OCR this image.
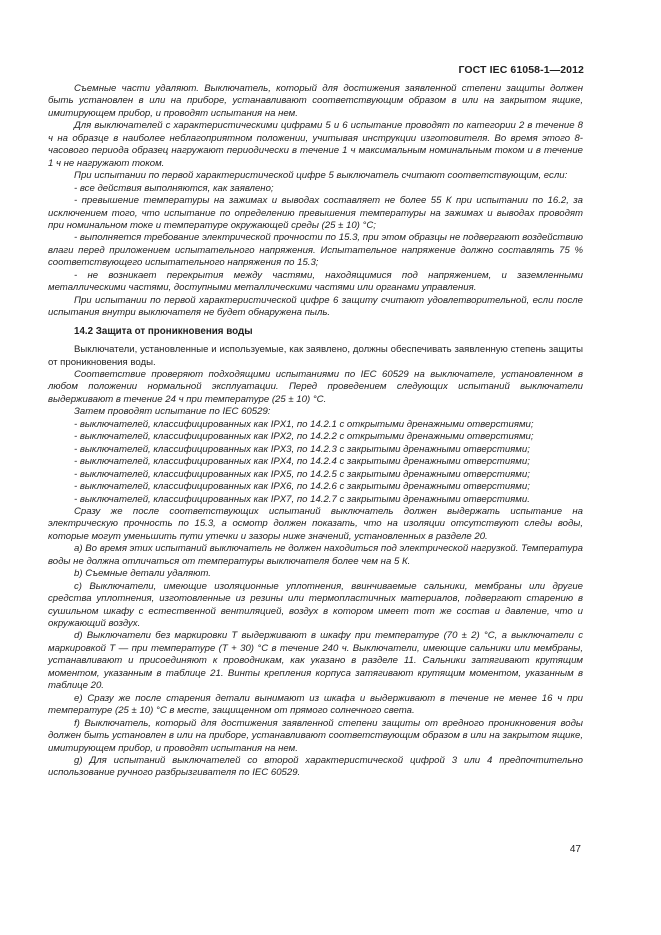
ГОСТ IEC 61058-1—2012

Съемные части удаляют. Выключатель, который для достижения заявленной степени защиты должен быть установлен в или на приборе, устанавливают соответствующим образом в или на закрытом ящике, имитирующем прибор, и проводят испытания на нем.

Для выключателей с характеристическими цифрами 5 и 6 испытание проводят по категории 2 в течение 8 ч на образце в наиболее неблагоприятном положении, учитывая инструкции изготовителя. Во время этого 8-часового периода образец нагружают периодически в течение 1 ч максимальным номинальным током и в течение 1 ч не нагружают током.

При испытании по первой характеристической цифре 5 выключатель считают соответствующим, если:

- все действия выполняются, как заявлено;

- превышение температуры на зажимах и выводах составляет не более 55 К при испытании по 16.2, за исключением того, что испытание по определению превышения температуры на зажимах и выводах проводят при номинальном токе и температуре окружающей среды (25 ± 10) °С;

- выполняется требование электрической прочности по 15.3, при этом образцы не подвергают воздействию влаги перед приложением испытательного напряжения. Испытательное напряжение должно составлять 75 % соответствующего испытательного напряжения по 15.3;

- не возникает перекрытия между частями, находящимися под напряжением, и заземленными металлическими частями, доступными металлическими частями или органами управления.

При испытании по первой характеристической цифре 6 защиту считают удовлетворительной, если после испытания внутри выключателя не будет обнаружена пыль.

14.2 Защита от проникновения воды

Выключатели, установленные и используемые, как заявлено, должны обеспечивать заявленную степень защиты от проникновения воды.

Соответствие проверяют подходящими испытаниями по IEC 60529 на выключателе, установленном в любом положении нормальной эксплуатации. Перед проведением следующих испытаний выключатели выдерживают в течение 24 ч при температуре (25 ± 10) °С.

Затем проводят испытание по IEC 60529:

- выключателей, классифицированных как IPX1, по 14.2.1 с открытыми дренажными отверстиями;

- выключателей, классифицированных как IPX2, по 14.2.2 с открытыми дренажными отверстиями;

- выключателей, классифицированных как IPX3, по 14.2.3 с закрытыми дренажными отверстиями;

- выключателей, классифицированных как IPX4, по 14.2.4 с закрытыми дренажными отверстиями;

- выключателей, классифицированных как IPX5, по 14.2.5 с закрытыми дренажными отверстиями;

- выключателей, классифицированных как IPX6, по 14.2.6 с закрытыми дренажными отверстиями;

- выключателей, классифицированных как IPX7, по 14.2.7 с закрытыми дренажными отверстиями.

Сразу же после соответствующих испытаний выключатель должен выдержать испытание на электрическую прочность по 15.3, а осмотр должен показать, что на изоляции отсутствуют следы воды, которые могут уменьшить пути утечки и зазоры ниже значений, установленных в разделе 20.

a) Во время этих испытаний выключатель не должен находиться под электрической нагрузкой. Температура воды не должна отличаться от температуры выключателя более чем на 5 К.

b) Съемные детали удаляют.

c) Выключатели, имеющие изоляционные уплотнения, ввинчиваемые сальники, мембраны или другие средства уплотнения, изготовленные из резины или термопластичных материалов, подвергают старению в сушильном шкафу с естественной вентиляцией, воздух в котором имеет тот же состав и давление, что и окружающий воздух.

d) Выключатели без маркировки T выдерживают в шкафу при температуре (70 ± 2) °С, а выключатели с маркировкой T — при температуре (T + 30) °С в течение 240 ч. Выключатели, имеющие сальники или мембраны, устанавливают и присоединяют к проводникам, как указано в разделе 11. Сальники затягивают крутящим моментом, указанным в таблице 21. Винты крепления корпуса затягивают крутящим моментом, указанным в таблице 20.

e) Сразу же после старения детали вынимают из шкафа и выдерживают в течение не менее 16 ч при температуре (25 ± 10) °С в месте, защищенном от прямого солнечного света.

f) Выключатель, который для достижения заявленной степени защиты от вредного проникновения воды должен быть установлен в или на приборе, устанавливают соответствующим образом в или на закрытом ящике, имитирующем прибор, и проводят испытания на нем.

g) Для испытаний выключателей со второй характеристической цифрой 3 или 4 предпочтительно использование ручного разбрызгивателя по IEC 60529.

47
